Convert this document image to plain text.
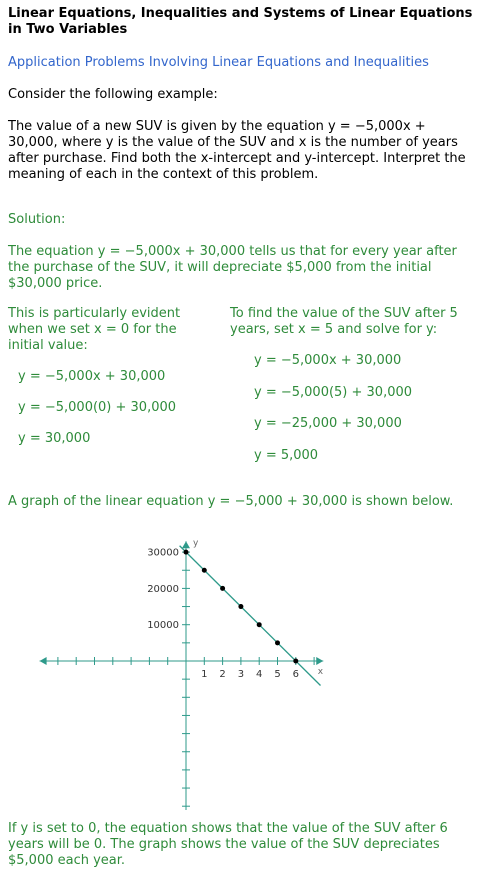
Linear Equations, Inequalities and Systems of Linear Equations in Two Variables
Application Problems Involving Linear Equations and Inequalities
Consider the following example:
The value of a new SUV is given by the equation y = −5,000x + 30,000, where y is the value of the SUV and x is the number of years after purchase. Find both the x-intercept and y-intercept. Interpret the meaning of each in the context of this problem.
Solution:
The equation y = −5,000x + 30,000 tells us that for every year after the purchase of the SUV, it will depreciate $5,000 from the initial $30,000 price.
This is particularly evident when we set x = 0 for the initial value:
y = −5,000x + 30,000
y = −5,000(0) + 30,000
y = 30,000
To find the value of the SUV after 5 years, set x = 5 and solve for y:
y = −5,000x + 30,000
y = −5,000(5) + 30,000
y = −25,000 + 30,000
y = 5,000
A graph of the linear equation y = −5,000 + 30,000 is shown below.
1 2 3 4 5 6
10000
20000
30000
x
y
If y is set to 0, the equation shows that the value of the SUV after 6 years will be 0. The graph shows the value of the SUV depreciates $5,000 each year.
